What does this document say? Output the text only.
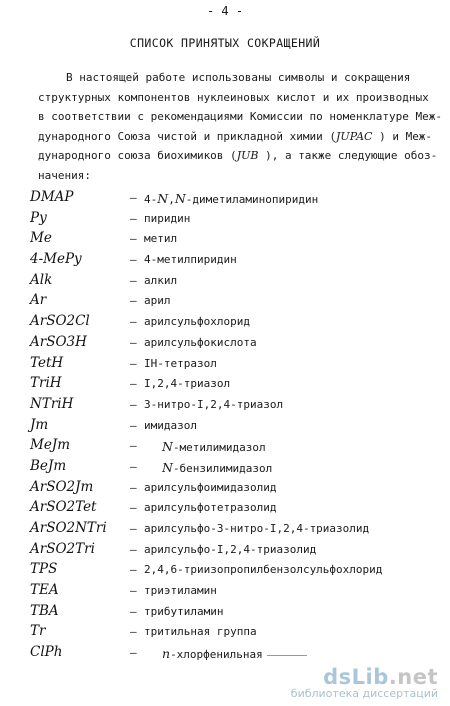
- 4 -
СПИСОК ПРИНЯТЫХ СОКРАЩЕНИЙ
В настоящей работе использованы символы и сокращения
структурных компонентов нуклеиновых кислот и их производных
в соответствии с рекомендациями Комиссии по номенклатуре Меж-
дународного Союза чистой и прикладной химии (JUPAC ) и Меж-
дународного союза биохимиков (JUB ), а также следующие обоз-
начения:
DMAP	– 4-N,N-диметиламинопиридин
Py	– пиридин
Me	– метил
4-MePy	– 4-метилпиридин
Alk	– алкил
Ar	– арил
ArSO2Cl	– арилсульфохлорид
ArSO3H	– арилсульфокислота
TetH	– IH-тетразол
TriH	– I,2,4-триазол
NTriH	– 3-нитро-I,2,4-триазол
Jm	– имидазол
MeJm	– N-метилимидазол
BeJm	– N-бензилимидазол
ArSO2Jm	– арилсульфоимидазолид
ArSO2Tet	– арилсульфотетразолид
ArSO2NTri – арилсульфо-3-нитро-I,2,4-триазолид
ArSO2Tri	– арилсульфо-I,2,4-триазолид
TPS	– 2,4,6-триизопропилбензолсульфохлорид
TEA	– триэтиламин
TBA	– трибутиламин
Tr	– тритильная группа
ClPh	– n-хлорфенильная
dsLib.net
библиотека диссертаций
